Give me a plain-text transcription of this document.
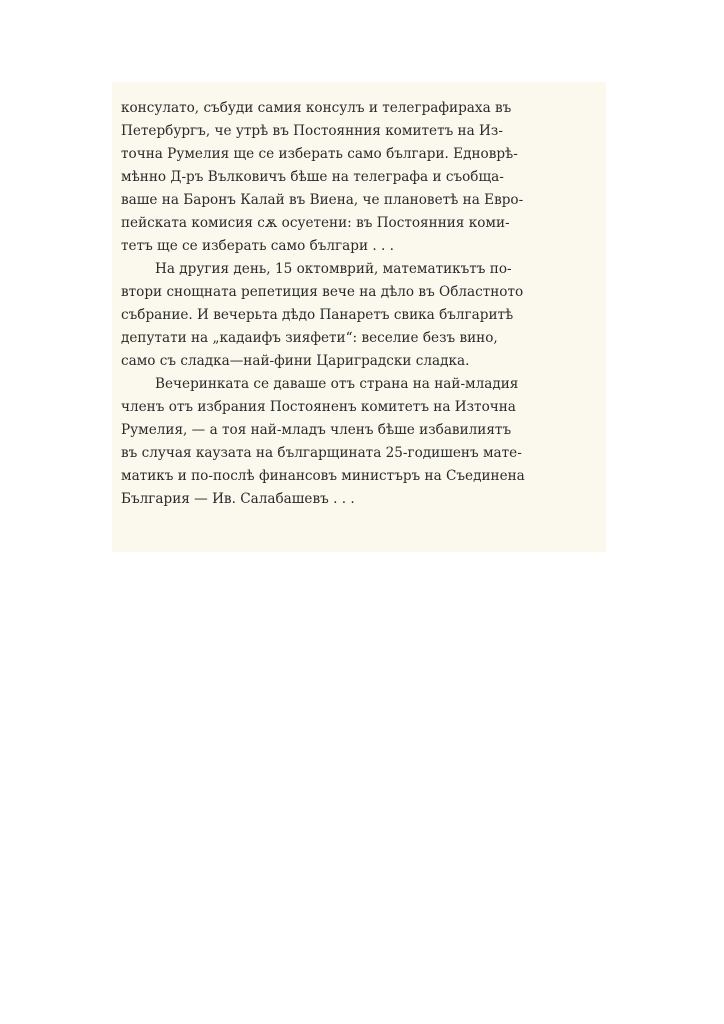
консулато, събуди самия консулъ и телеграфираха въ
Петербургъ, че утрѣ въ Постоянния комитетъ на Из-
точна Румелия ще се изберать само българи. Едноврѣ-
мѣнно Д-ръ Вълковичъ бѣше на телеграфа и съобща-
ваше на Баронъ Калай въ Виена, че плановетѣ на Евро-
пейската комисия сѫ осуетени: въ Постоянния коми-
тетъ ще се изберать само българи . . .
На другия день, 15 октомврий, математикътъ по-
втори снощната репетиция вече на дѣло въ Областното
събрание. И вечерьта дѣдо Панаретъ свика българитѣ
депутати на „кадаифъ зияфети“: веселие безъ вино,
само съ сладка—най-фини Цариградски сладка.
Вечеринката се даваше отъ страна на най-младия
членъ отъ избрания Постояненъ комитетъ на Източна
Румелия, — а тоя най-младъ членъ бѣше избавилиятъ
въ случая каузата на българщината 25-годишенъ мате-
матикъ и по-послѣ финансовъ министъръ на Съединена
България — Ив. Салабашевъ . . .
